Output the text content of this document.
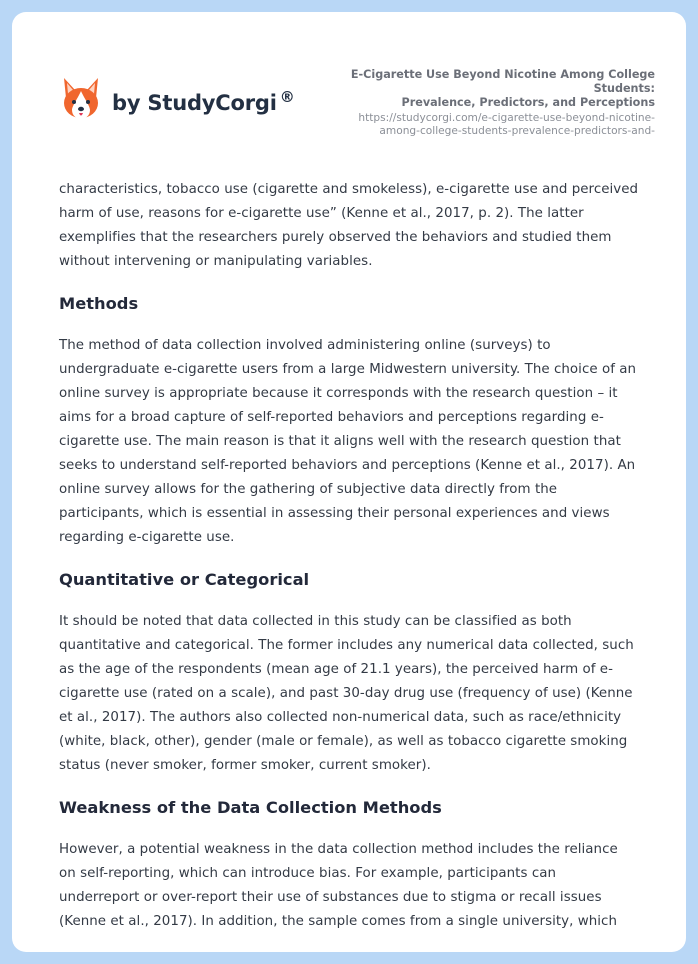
by StudyCorgi ®
E-Cigarette Use Beyond Nicotine Among College Students:
Prevalence, Predictors, and Perceptions
https://studycorgi.com/e-cigarette-use-beyond-nicotine-
among-college-students-prevalence-predictors-and-
characteristics, tobacco use (cigarette and smokeless), e-cigarette use and perceived
harm of use, reasons for e-cigarette use” (Kenne et al., 2017, p. 2). The latter
exemplifies that the researchers purely observed the behaviors and studied them
without intervening or manipulating variables.
Methods
The method of data collection involved administering online (surveys) to
undergraduate e-cigarette users from a large Midwestern university. The choice of an
online survey is appropriate because it corresponds with the research question – it
aims for a broad capture of self-reported behaviors and perceptions regarding e-
cigarette use. The main reason is that it aligns well with the research question that
seeks to understand self-reported behaviors and perceptions (Kenne et al., 2017). An
online survey allows for the gathering of subjective data directly from the
participants, which is essential in assessing their personal experiences and views
regarding e-cigarette use.
Quantitative or Categorical
It should be noted that data collected in this study can be classified as both
quantitative and categorical. The former includes any numerical data collected, such
as the age of the respondents (mean age of 21.1 years), the perceived harm of e-
cigarette use (rated on a scale), and past 30-day drug use (frequency of use) (Kenne
et al., 2017). The authors also collected non-numerical data, such as race/ethnicity
(white, black, other), gender (male or female), as well as tobacco cigarette smoking
status (never smoker, former smoker, current smoker).
Weakness of the Data Collection Methods
However, a potential weakness in the data collection method includes the reliance
on self-reporting, which can introduce bias. For example, participants can
underreport or over-report their use of substances due to stigma or recall issues
(Kenne et al., 2017). In addition, the sample comes from a single university, which
